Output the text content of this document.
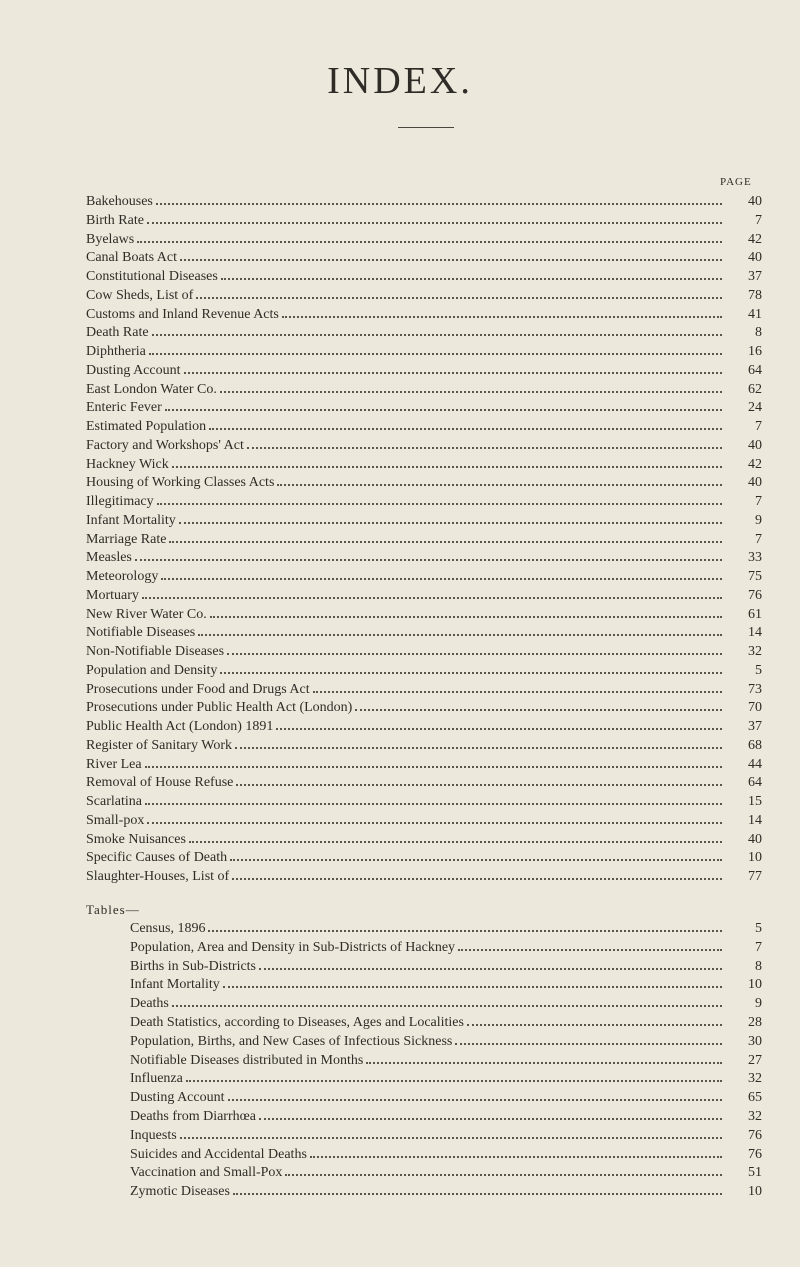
INDEX.
PAGE
Bakehouses	40
Birth Rate	7
Byelaws	42
Canal Boats Act	40
Constitutional Diseases	37
Cow Sheds, List of	78
Customs and Inland Revenue Acts	41
Death Rate	8
Diphtheria	16
Dusting Account	64
East London Water Co.	62
Enteric Fever	24
Estimated Population	7
Factory and Workshops' Act	40
Hackney Wick	42
Housing of Working Classes Acts	40
Illegitimacy	7
Infant Mortality	9
Marriage Rate	7
Measles	33
Meteorology	75
Mortuary	76
New River Water Co.	61
Notifiable Diseases	14
Non-Notifiable Diseases	32
Population and Density	5
Prosecutions under Food and Drugs Act	73
Prosecutions under Public Health Act (London)	70
Public Health Act (London) 1891	37
Register of Sanitary Work	68
River Lea	44
Removal of House Refuse	64
Scarlatina	15
Small-pox	14
Smoke Nuisances	40
Specific Causes of Death	10
Slaughter-Houses, List of	77
Tables—
Census, 1896	5
Population, Area and Density in Sub-Districts of Hackney	7
Births in Sub-Districts	8
Infant Mortality	10
Deaths	9
Death Statistics, according to Diseases, Ages and Localities	28
Population, Births, and New Cases of Infectious Sickness	30
Notifiable Diseases distributed in Months	27
Influenza	32
Dusting Account	65
Deaths from Diarrhœa	32
Inquests	76
Suicides and Accidental Deaths	76
Vaccination and Small-Pox	51
Zymotic Diseases	10
